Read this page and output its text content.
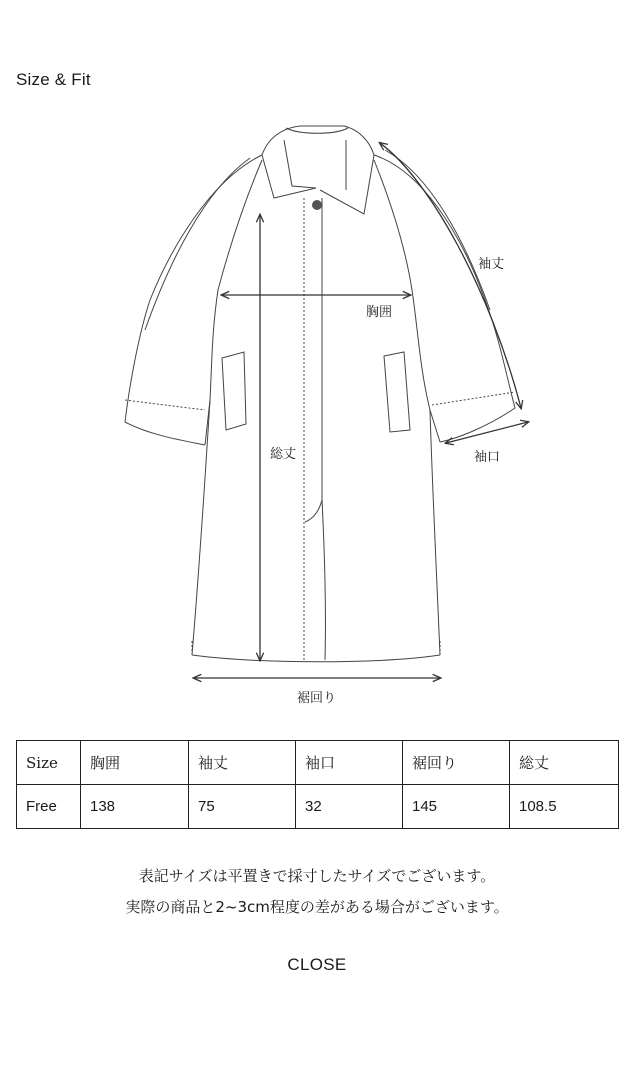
Size & Fit
袖丈
胸囲
総丈	袖口
裾回り
Size	胸囲	袖丈	袖口	裾回り	総丈
Free	138	75	32	145	108.5
表記サイズは平置きで採寸したサイズでございます。
実際の商品と2~3cm程度の差がある場合がございます。
CLOSE
